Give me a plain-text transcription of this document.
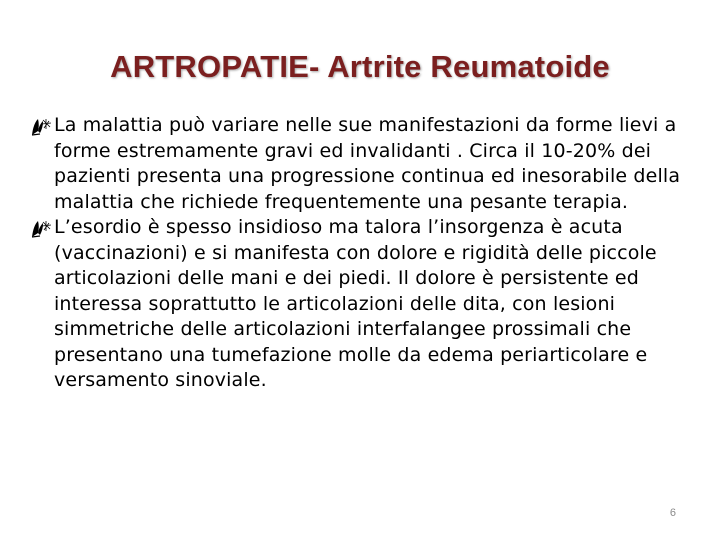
ARTROPATIE- Artrite Reumatoide
La malattia può variare nelle sue manifestazioni da forme lievi a forme estremamente gravi ed invalidanti . Circa il 10-20% dei pazienti presenta una progressione continua ed inesorabile della malattia che richiede frequentemente una pesante terapia.
L’esordio è spesso insidioso ma talora l’insorgenza è acuta (vaccinazioni) e si manifesta con dolore e rigidità delle piccole articolazioni delle mani e dei piedi. Il dolore è persistente ed interessa soprattutto le articolazioni delle dita, con lesioni simmetriche delle articolazioni interfalangee prossimali che presentano una tumefazione molle da edema periarticolare e versamento sinoviale.
6
